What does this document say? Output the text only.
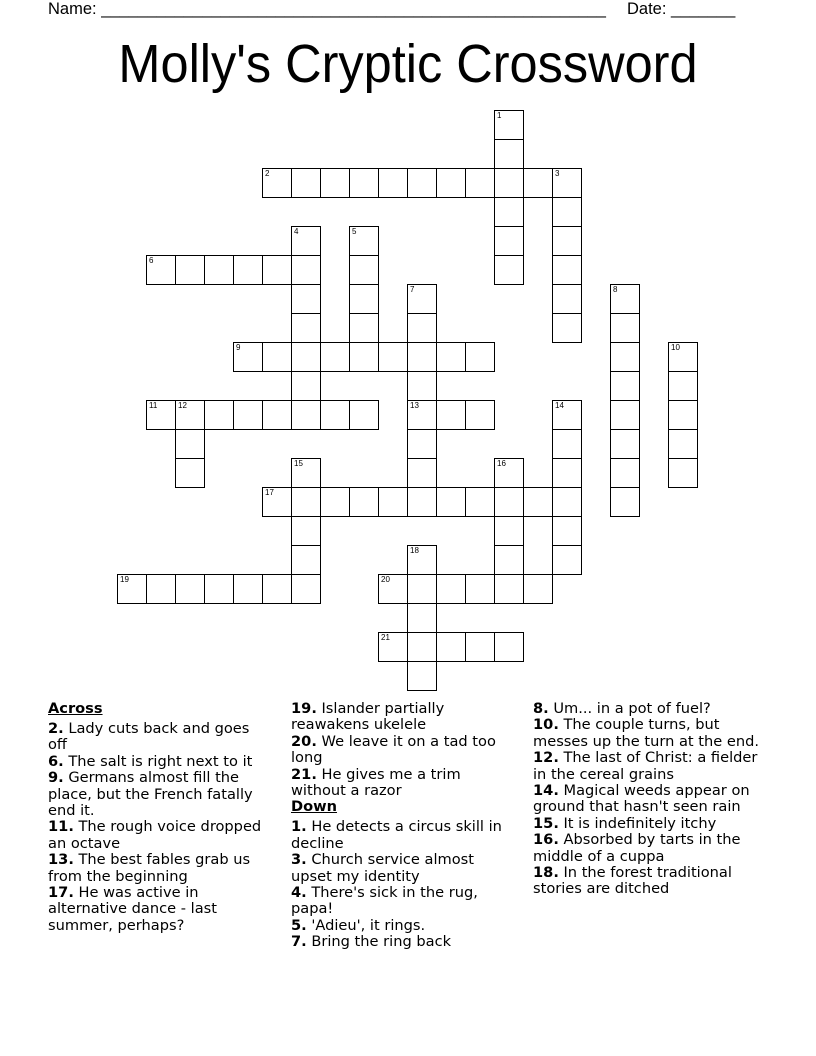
Name: _______________________________________________________ Date: _______
Molly's Cryptic Crossword
1
2	3
4	5
6
7	8
9	10
11	12	13	14
15	16
17
18
19	20
21
Across
2 . Lady cuts back and goes off
6 . The salt is right next to it
9 . Germans almost fill the place, but the French fatally end it.
11 . The rough voice dropped an octave
13 . The best fables grab us from the beginning
17 . He was active in alternative dance - last summer, perhaps?
19 . Islander partially reawakens ukelele
20 . We leave it on a tad too long
21 . He gives me a trim without a razor
Down
1 . He detects a circus skill in decline
3 . Church service almost upset my identity
4 . There's sick in the rug, papa!
5 . 'Adieu', it rings.
7 . Bring the ring back
8 . Um... in a pot of fuel?
10 . The couple turns, but messes up the turn at the end.
12 . The last of Christ: a fielder in the cereal grains
14 . Magical weeds appear on ground that hasn't seen rain
15 . It is indefinitely itchy
16 . Absorbed by tarts in the middle of a cuppa
18 . In the forest traditional stories are ditched
